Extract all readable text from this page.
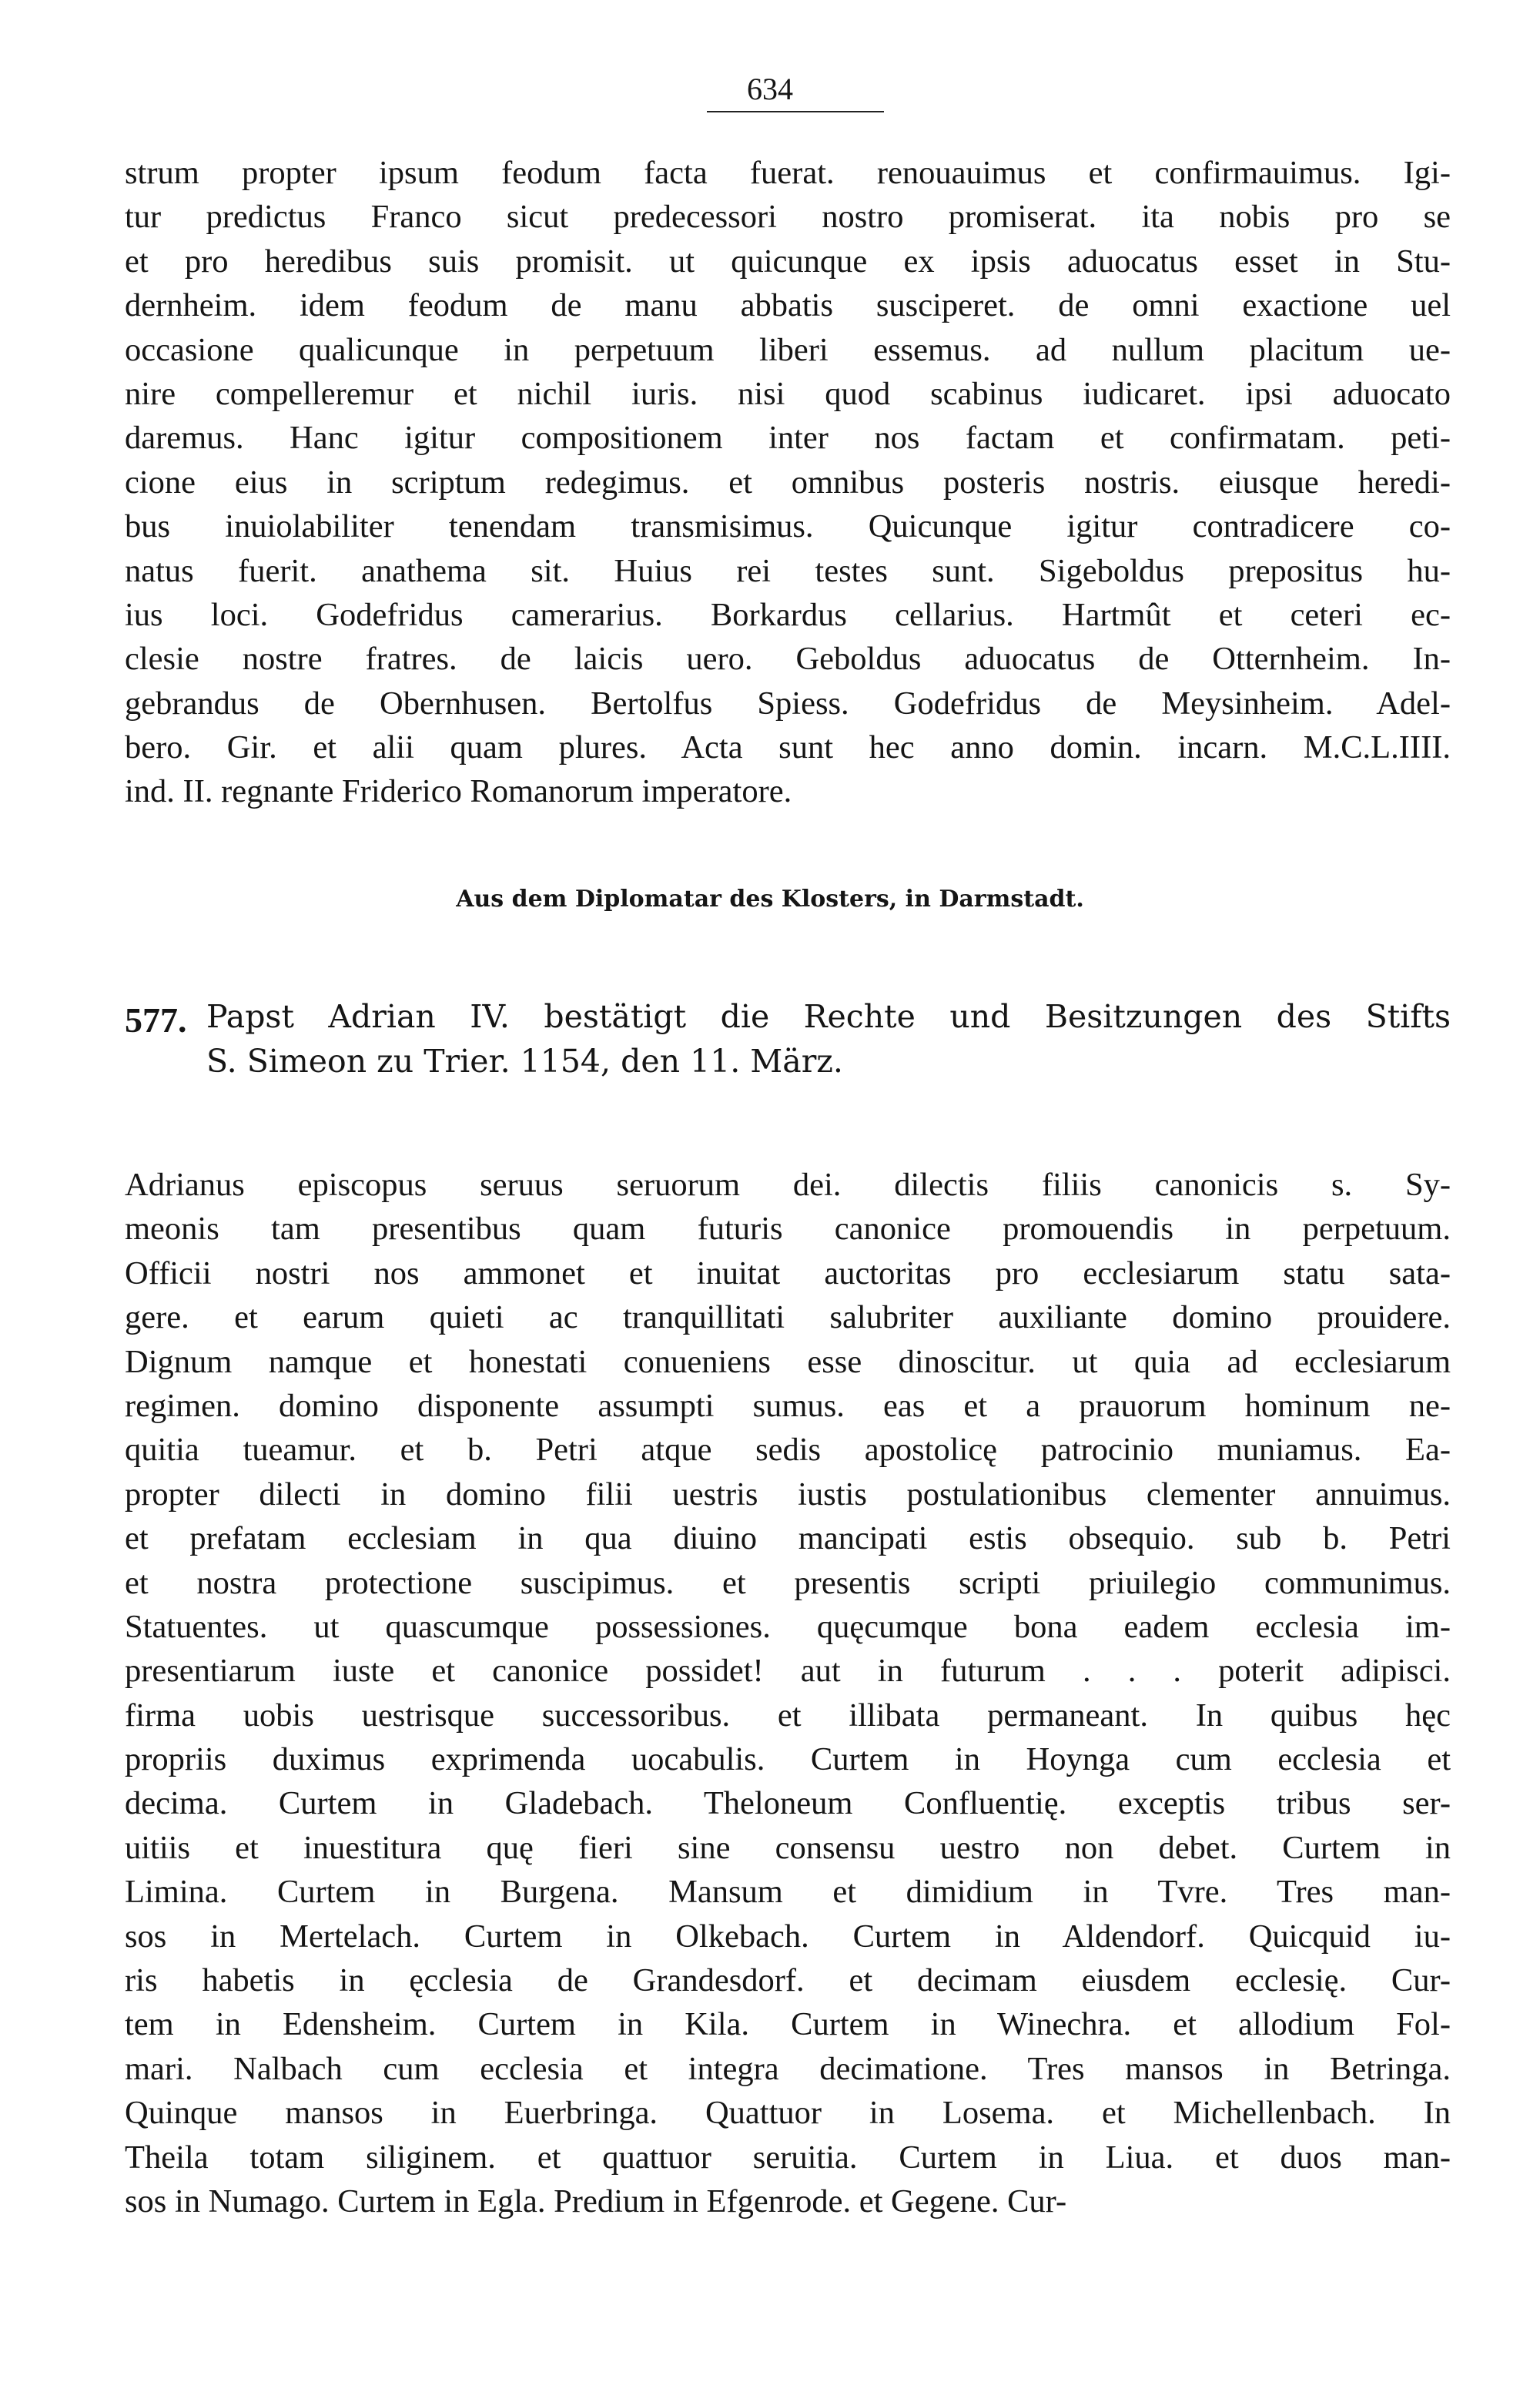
634
strum propter ipsum feodum facta fuerat. renouauimus et confirmauimus. Igi-
tur predictus Franco sicut predecessori nostro promiserat. ita nobis pro se
et pro heredibus suis promisit. ut quicunque ex ipsis aduocatus esset in Stu-
dernheim. idem feodum de manu abbatis susciperet. de omni exactione uel
occasione qualicunque in perpetuum liberi essemus. ad nullum placitum ue-
nire compelleremur et nichil iuris. nisi quod scabinus iudicaret. ipsi aduocato
daremus. Hanc igitur compositionem inter nos factam et confirmatam. peti-
cione eius in scriptum redegimus. et omnibus posteris nostris. eiusque heredi-
bus inuiolabiliter tenendam transmisimus. Quicunque igitur contradicere co-
natus fuerit. anathema sit. Huius rei testes sunt. Sigeboldus prepositus hu-
ius loci. Godefridus camerarius. Borkardus cellarius. Hartmût et ceteri ec-
clesie nostre fratres. de laicis uero. Geboldus aduocatus de Otternheim. In-
gebrandus de Obernhusen. Bertolfus Spiess. Godefridus de Meysinheim. Adel-
bero. Gir. et alii quam plures. Acta sunt hec anno domin. incarn. M.C.L.IIII.
ind. II. regnante Friderico Romanorum imperatore.
Aus dem Diplomatar des Klosters, in Darmstadt.
577. Papst Adrian IV. bestätigt die Rechte und Besitzungen des Stifts
S. Simeon zu Trier. 1154, den 11. März.
Adrianus episcopus seruus seruorum dei. dilectis filiis canonicis s. Sy-
meonis tam presentibus quam futuris canonice promouendis in perpetuum.
Officii nostri nos ammonet et inuitat auctoritas pro ecclesiarum statu sata-
gere. et earum quieti ac tranquillitati salubriter auxiliante domino prouidere.
Dignum namque et honestati conueniens esse dinoscitur. ut quia ad ecclesiarum
regimen. domino disponente assumpti sumus. eas et a prauorum hominum ne-
quitia tueamur. et b. Petri atque sedis apostolicę patrocinio muniamus. Ea-
propter dilecti in domino filii uestris iustis postulationibus clementer annuimus.
et prefatam ecclesiam in qua diuino mancipati estis obsequio. sub b. Petri
et nostra protectione suscipimus. et presentis scripti priuilegio communimus.
Statuentes. ut quascumque possessiones. quęcumque bona eadem ecclesia im-
presentiarum iuste et canonice possidet! aut in futurum . . . poterit adipisci.
firma uobis uestrisque successoribus. et illibata permaneant. In quibus hęc
propriis duximus exprimenda uocabulis. Curtem in Hoynga cum ecclesia et
decima. Curtem in Gladebach. Theloneum Confluentię. exceptis tribus ser-
uitiis et inuestitura quę fieri sine consensu uestro non debet. Curtem in
Limina. Curtem in Burgena. Mansum et dimidium in Tvre. Tres man-
sos in Mertelach. Curtem in Olkebach. Curtem in Aldendorf. Quicquid iu-
ris habetis in ęcclesia de Grandesdorf. et decimam eiusdem ecclesię. Cur-
tem in Edensheim. Curtem in Kila. Curtem in Winechra. et allodium Fol-
mari. Nalbach cum ecclesia et integra decimatione. Tres mansos in Betringa.
Quinque mansos in Euerbringa. Quattuor in Losema. et Michellenbach. In
Theila totam siliginem. et quattuor seruitia. Curtem in Liua. et duos man-
sos in Numago. Curtem in Egla. Predium in Efgenrode. et Gegene. Cur-
